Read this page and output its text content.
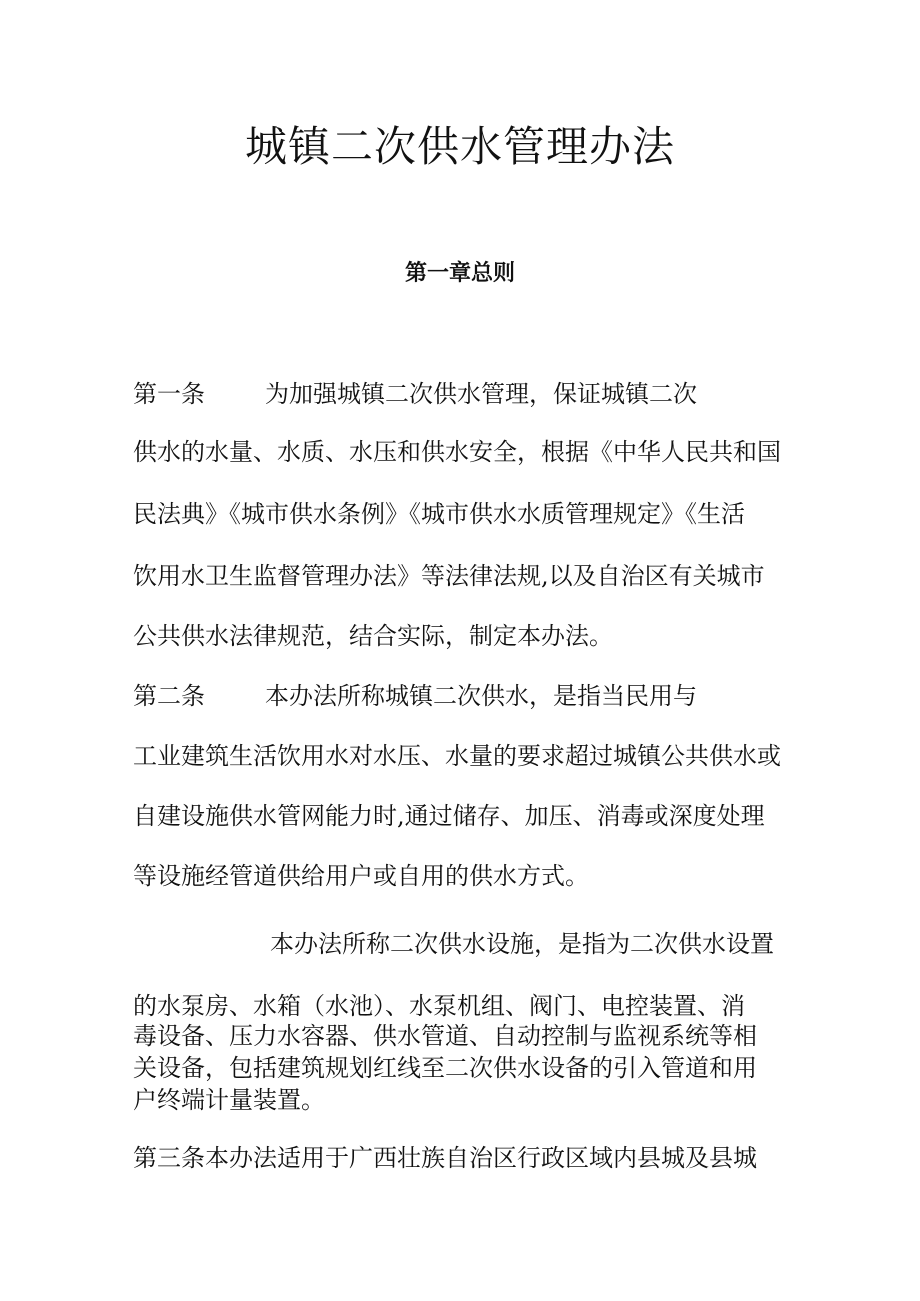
城镇二次供水管理办法
第一章总则
第一条	为加强城镇二次供水管理，保证城镇二次
供水的水量、水质、水压和供水安全，根据《中华人民共和国
民法典》《城市供水条例》《城市供水水质管理规定》《生活
饮用水卫生监督管理办法》等法律法规,以及自治区有关城市
公共供水法律规范，结合实际，制定本办法。
第二条	本办法所称城镇二次供水，是指当民用与
工业建筑生活饮用水对水压、水量的要求超过城镇公共供水或
自建设施供水管网能力时,通过储存、加压、消毒或深度处理
等设施经管道供给用户或自用的供水方式。
本办法所称二次供水设施，是指为二次供水设置
的水泵房、水箱（水池）、水泵机组、阀门、电控装置、消
毒设备、压力水容器、供水管道、自动控制与监视系统等相
关设备，包括建筑规划红线至二次供水设备的引入管道和用
户终端计量装置。
第三条本办法适用于广西壮族自治区行政区域内县城及县城
